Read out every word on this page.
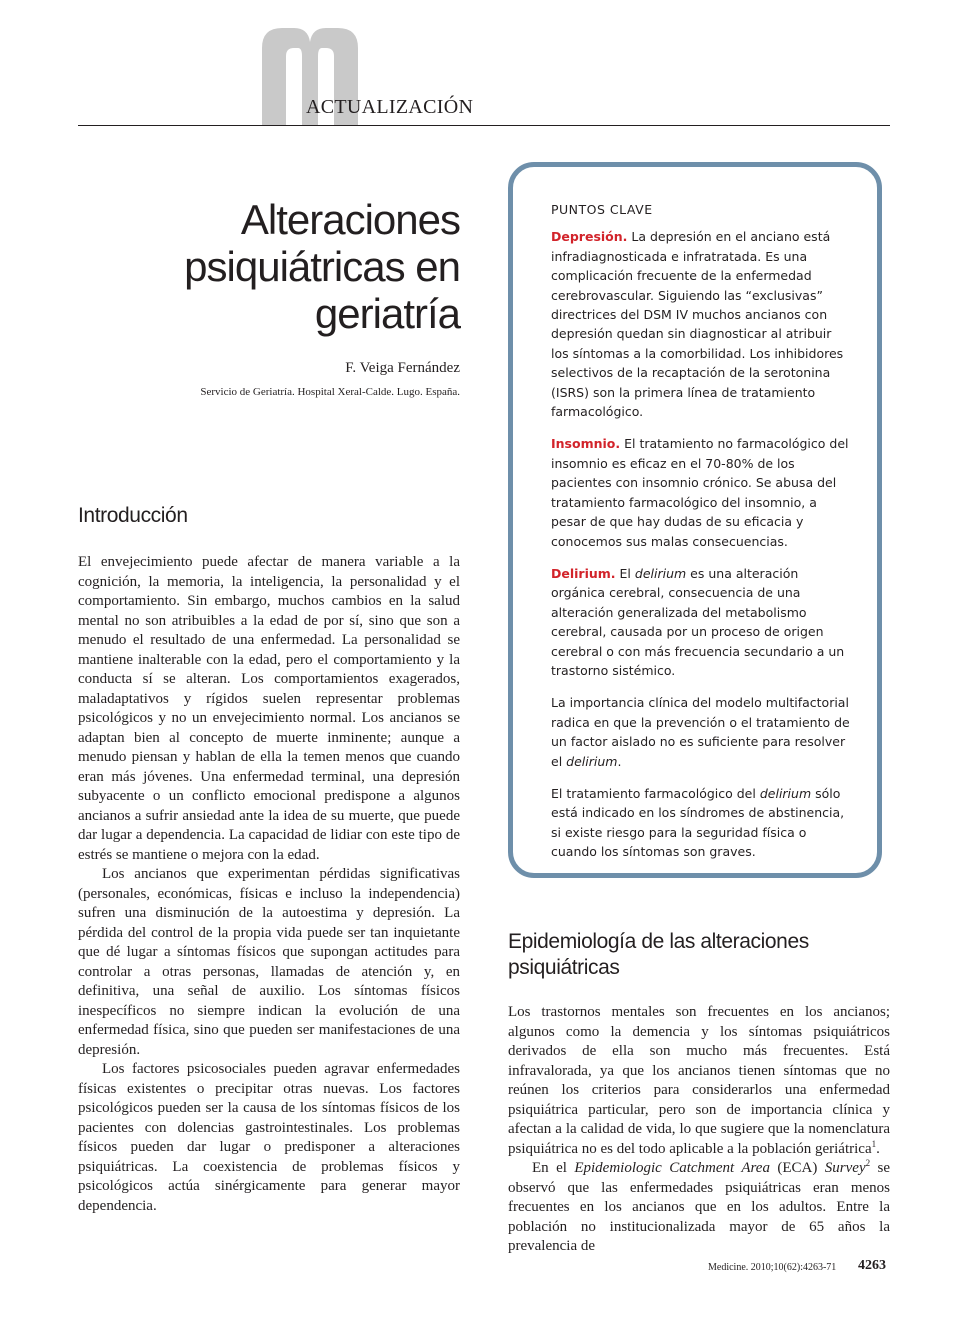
ACTUALIZACIÓN
Alteraciones
psiquiátricas en
geriatría
F. Veiga Fernández
Servicio de Geriatría. Hospital Xeral-Calde. Lugo. España.
Introducción

El envejecimiento puede afectar de manera variable a la cognición, la memoria, la inteligencia, la personalidad y el comportamiento. Sin embargo, muchos cambios en la salud mental no son atribuibles a la edad de por sí, sino que son a menudo el resultado de una enfermedad. La personalidad se mantiene inalterable con la edad, pero el comportamiento y la conducta sí se alteran. Los comportamientos exagerados, maladaptativos y rígidos suelen representar problemas psicológicos y no un envejecimiento normal. Los ancianos se adaptan bien al concepto de muerte inminente; aunque a menudo piensan y hablan de ella la temen menos que cuando eran más jóvenes. Una enfermedad terminal, una depresión subyacente o un conflicto emocional predispone a algunos ancianos a sufrir ansiedad ante la idea de su muerte, que puede dar lugar a dependencia. La capacidad de lidiar con este tipo de estrés se mantiene o mejora con la edad.

Los ancianos que experimentan pérdidas significativas (personales, económicas, físicas e incluso la independencia) sufren una disminución de la autoestima y depresión. La pérdida del control de la propia vida puede ser tan inquietante que dé lugar a síntomas físicos que supongan actitudes para controlar a otras personas, llamadas de atención y, en definitiva, una señal de auxilio. Los síntomas físicos inespecíficos no siempre indican la evolución de una enfermedad física, sino que pueden ser manifestaciones de una depresión.

Los factores psicosociales pueden agravar enfermedades físicas existentes o precipitar otras nuevas. Los factores psicológicos pueden ser la causa de los síntomas físicos de los pacientes con dolencias gastrointestinales. Los problemas físicos pueden dar lugar o predisponer a alteraciones psiquiátricas. La coexistencia de problemas físicos y psicológicos actúa sinérgicamente para generar mayor dependencia.

PUNTOS CLAVE

Depresión. La depresión en el anciano está infradiagnosticada e infratratada. Es una complicación frecuente de la enfermedad cerebrovascular. Siguiendo las “exclusivas” directrices del DSM IV muchos ancianos con depresión quedan sin diagnosticar al atribuir los síntomas a la comorbilidad. Los inhibidores selectivos de la recaptación de la serotonina (ISRS) son la primera línea de tratamiento farmacológico.

Insomnio. El tratamiento no farmacológico del insomnio es eficaz en el 70-80% de los pacientes con insomnio crónico. Se abusa del tratamiento farmacológico del insomnio, a pesar de que hay dudas de su eficacia y conocemos sus malas consecuencias.

Delirium. El delirium es una alteración orgánica cerebral, consecuencia de una alteración generalizada del metabolismo cerebral, causada por un proceso de origen cerebral o con más frecuencia secundario a un trastorno sistémico.

La importancia clínica del modelo multifactorial radica en que la prevención o el tratamiento de un factor aislado no es suficiente para resolver el delirium.

El tratamiento farmacológico del delirium sólo está indicado en los síndromes de abstinencia, si existe riesgo para la seguridad física o cuando los síntomas son graves.

Epidemiología de las alteraciones psiquiátricas

Los trastornos mentales son frecuentes en los ancianos; algunos como la demencia y los síntomas psiquiátricos derivados de ella son mucho más frecuentes. Está infravalorada, ya que los ancianos tienen síntomas que no reúnen los criterios para considerarlos una enfermedad psiquiátrica particular, pero son de importancia clínica y afectan a la calidad de vida, lo que sugiere que la nomenclatura psiquiátrica no es del todo aplicable a la población geriátrica$^1$.

En el Epidemiologic Catchment Area (ECA) Survey$^2$ se observó que las enfermedades psiquiátricas eran menos frecuentes en los ancianos que en los adultos. Entre la población no institucionalizada mayor de 65 años la prevalencia de

Medicine. 2010;10(62):4263-71 4263
